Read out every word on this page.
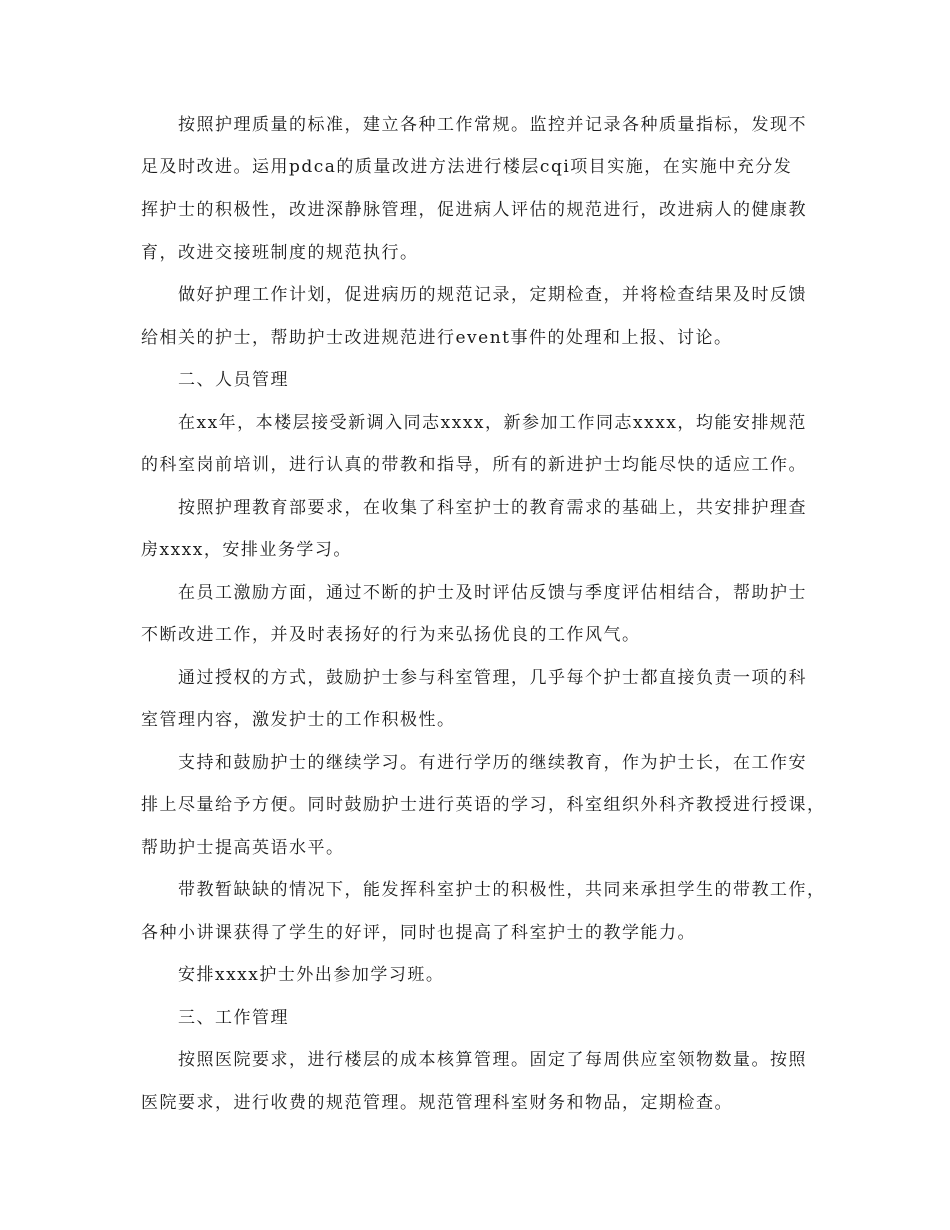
按照护理质量的标准，建立各种工作常规。监控并记录各种质量指标，发现不
足及时改进。运用pdca的质量改进方法进行楼层cqi项目实施，在实施中充分发
挥护士的积极性，改进深静脉管理，促进病人评估的规范进行，改进病人的健康教
育，改进交接班制度的规范执行。
做好护理工作计划，促进病历的规范记录，定期检查，并将检查结果及时反馈
给相关的护士，帮助护士改进规范进行event事件的处理和上报、讨论。
二、人员管理
在xx年，本楼层接受新调入同志xxxx，新参加工作同志xxxx，均能安排规范
的科室岗前培训，进行认真的带教和指导，所有的新进护士均能尽快的适应工作。
按照护理教育部要求，在收集了科室护士的教育需求的基础上，共安排护理查
房xxxx，安排业务学习。
在员工激励方面，通过不断的护士及时评估反馈与季度评估相结合，帮助护士
不断改进工作，并及时表扬好的行为来弘扬优良的工作风气。
通过授权的方式，鼓励护士参与科室管理，几乎每个护士都直接负责一项的科
室管理内容，激发护士的工作积极性。
支持和鼓励护士的继续学习。有进行学历的继续教育，作为护士长，在工作安
排上尽量给予方便。同时鼓励护士进行英语的学习，科室组织外科齐教授进行授课，
帮助护士提高英语水平。
带教暂缺缺的情况下，能发挥科室护士的积极性，共同来承担学生的带教工作，
各种小讲课获得了学生的好评，同时也提高了科室护士的教学能力。
安排xxxx护士外出参加学习班。
三、工作管理
按照医院要求，进行楼层的成本核算管理。固定了每周供应室领物数量。按照
医院要求，进行收费的规范管理。规范管理科室财务和物品，定期检查。
